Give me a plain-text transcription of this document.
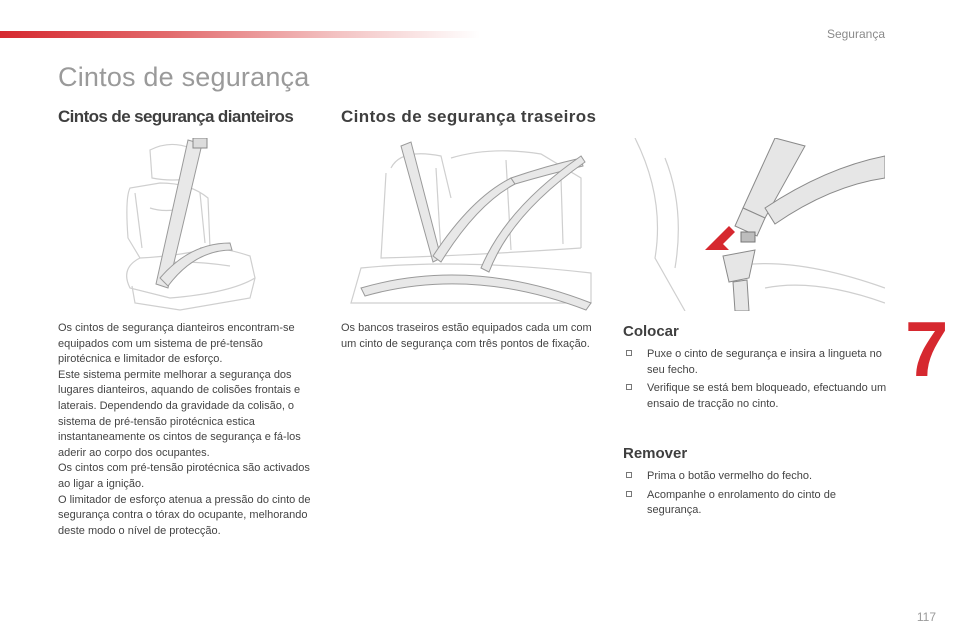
Segurança
Cintos de segurança
Cintos de segurança dianteiros	Cintos de segurança traseiros

Os cintos de segurança dianteiros encontram-se equipados com um sistema de pré-tensão pirotécnica e limitador de esforço.

Este sistema permite melhorar a segurança dos lugares dianteiros, aquando de colisões frontais e laterais. Dependendo da gravidade da colisão, o sistema de pré-tensão pirotécnica estica instantaneamente os cintos de segurança e fá-los aderir ao corpo dos ocupantes.

Os cintos com pré-tensão pirotécnica são activados ao ligar a ignição.

O limitador de esforço atenua a pressão do cinto de segurança contra o tórax do ocupante, melhorando deste modo o nível de protecção.

Os bancos traseiros estão equipados cada um com um cinto de segurança com três pontos de fixação.

Colocar
Puxe o cinto de segurança e insira a lingueta no seu fecho.
Verifique se está bem bloqueado, efectuando um ensaio de tracção no cinto.
Remover
Prima o botão vermelho do fecho.
Acompanhe o enrolamento do cinto de segurança.
7
117
